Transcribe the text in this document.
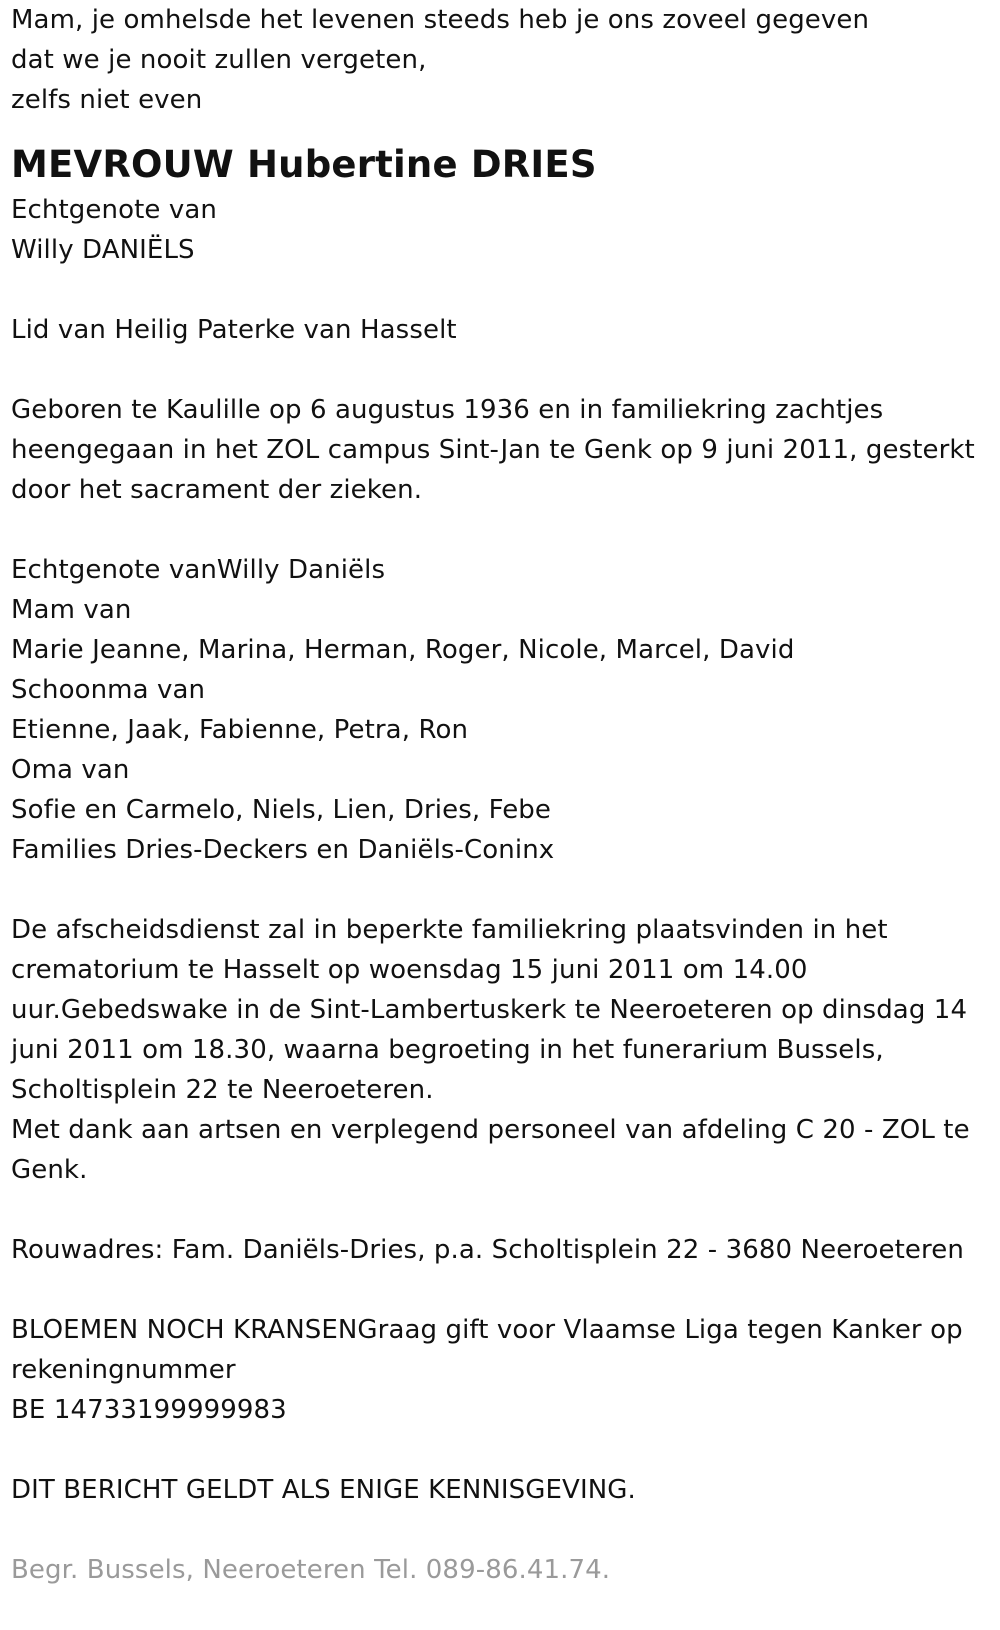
Mam, je omhelsde het levenen steeds heb je ons zoveel gegeven
dat we je nooit zullen vergeten,
zelfs niet even

MEVROUW Hubertine DRIES

Echtgenote van
Willy DANIËLS

Lid van Heilig Paterke van Hasselt

Geboren te Kaulille op 6 augustus 1936 en in familiekring zachtjes
heengegaan in het ZOL campus Sint-Jan te Genk op 9 juni 2011, gesterkt
door het sacrament der zieken.

Echtgenote vanWilly Daniëls
Mam van
Marie Jeanne, Marina, Herman, Roger, Nicole, Marcel, David
Schoonma van
Etienne, Jaak, Fabienne, Petra, Ron
Oma van
Sofie en Carmelo, Niels, Lien, Dries, Febe
Families Dries-Deckers en Daniëls-Coninx

De afscheidsdienst zal in beperkte familiekring plaatsvinden in het
crematorium te Hasselt op woensdag 15 juni 2011 om 14.00
uur.Gebedswake in de Sint-Lambertuskerk te Neeroeteren op dinsdag 14
juni 2011 om 18.30, waarna begroeting in het funerarium Bussels,
Scholtisplein 22 te Neeroeteren.
Met dank aan artsen en verplegend personeel van afdeling C 20 - ZOL te
Genk.

Rouwadres: Fam. Daniëls-Dries, p.a. Scholtisplein 22 - 3680 Neeroeteren

BLOEMEN NOCH KRANSENGraag gift voor Vlaamse Liga tegen Kanker op
rekeningnummer
BE 14733199999983

DIT BERICHT GELDT ALS ENIGE KENNISGEVING.

Begr. Bussels, Neeroeteren Tel. 089-86.41.74.
